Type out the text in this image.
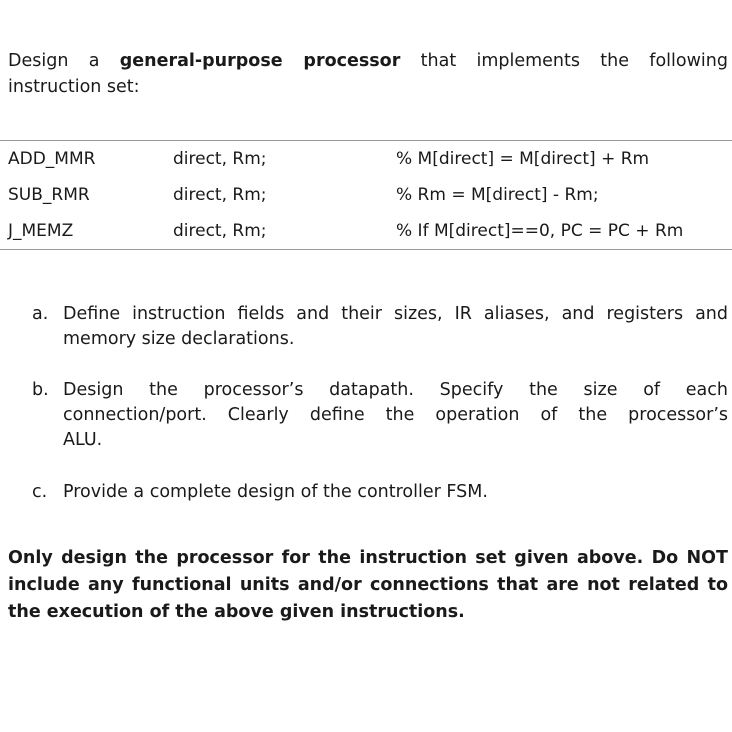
Design a general-purpose processor that implements the following
instruction set:
ADD_MMR	direct, Rm;	% M[direct] = M[direct] + Rm
SUB_RMR	direct, Rm;	% Rm = M[direct] - Rm;
J_MEMZ	direct, Rm;	% If M[direct]==0, PC = PC + Rm
a. Define instruction fields and their sizes, IR aliases, and registers and
memory size declarations.
b. Design the processor’s datapath. Specify the size of each
connection/port. Clearly define the operation of the processor’s
ALU.
c. Provide a complete design of the controller FSM.
Only design the processor for the instruction set given above. Do NOT
include any functional units and/or connections that are not related to
the execution of the above given instructions.
